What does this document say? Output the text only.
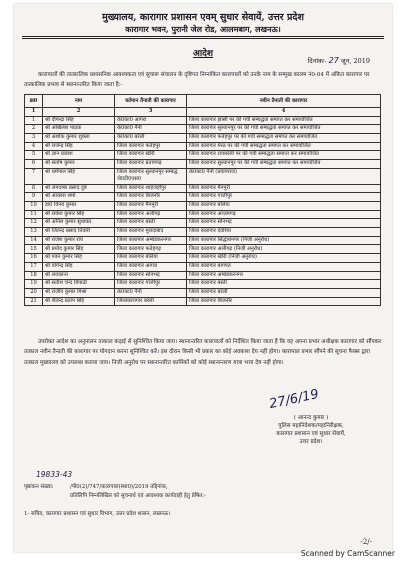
मुख्यालय, कारागार प्रशासन एवम् सुधार सेवायें, उत्तर प्रदेश
कारागार भवन, पुरानी जेल रोड, आलमबाग, लखनऊ।
आदेश
दिनांकः- 27 जून, 2019
कारापालों की तात्कालिक प्रशासनिक आवश्यकता एवं सुचारू संचालन के दृष्टिगत निम्नांकित कारापालों को उनके नाम के सम्मुख कालम नं0-04 में अंकित कारागार पर तात्कालिक प्रभाव से स्थानान्तरित किया जाता है:-
क्र0	नाम	वर्तमान तैनाती की कारागार	नवीन तैनाती की कारागार
1	2	3	4
1	श्री दीपेन्द्रा सिंह	के0का0 आगरा	जिला कारागार झांसी पर की गयी सम्बद्धता समाप्त कर समायोजित
2	श्री अखिलेश पाठक	के0का0 नैनी	जिला कारागार सुल्तानपुर पर की गयी सम्बद्धता समाप्त कर समायोजित
3	श्री अशोक कुमार शुक्ला	के0का0 बरेली	जिला कारागार फतेहपुर पर की गयी सम्बद्धता समाप्त कर समायोजित
4	श्री राजेन्द्र सिंह	जिला कारागार फतेहपुर	जिला कारागार मेरठ पर की गयी सम्बद्धता समाप्त कर समायोजित
5	श्री ज्ञान प्रकाश	जिला कारागार खीरी	जिला कारागार रायबरेली पर की गयी सम्बद्धता समाप्त कर समायोजित
6	श्री संतोष कुमार	जिला कारागार प्रतापगढ़	जिला कारागार सुल्तानपुर पर की गयी सम्बद्धता समाप्त कर समायोजित
7	श्री धर्मपाल सिंह	जिला कारागार सुल्तानपुर सम्बद्ध जे0टी0एस0	के0का0 नैनी (प्रयागराज)
8	श्री जगदम्बा प्रसाद दुबे	जिला कारागार शाहजहाँपुर	जिला कारागार मैनपुरी
9	श्री आकाश शर्मा	जिला कारागार बिजनौर	जिला कारागार गाजीपुर
10	डा0 विनय कुमार	जिला कारागार मैनपुरी	जिला कारागार बलिया
11	श्री राकेश कुमार सिंह	जिला कारागार अलीगढ़	जिला कारागार आजमगढ़
12	श्री अनिल कुमार सुधाकर	जिला कारागार बस्ती	जिला कारागार सोनभद्र
13	श्री जितेन्द्र प्रसाद तिवारी	जिला कारागार मुरादाबाद	जिला कारागार देवरिया
14	श्री राजेश कुमार राय	जिला कारागार अम्बेडकरनगर	जिला कारागार सिद्धार्थनगर (निजी अनुरोध)
15	श्री प्रमोद कुमार सिंह	जिला कारागार फतेहगढ़	जिला कारागार अलीगढ़ (निजी अनुरोध)
16	श्री पवन कुमार सिंह	जिला कारागार बलिया	जिला कारागार खीरी (निजी अनुरोध)
17	श्री योगेन्द्र सिंह	जिला कारागार आगरा	जिला कारागार बागपत
18	श्री लवकान्त	जिला कारागार सोनभद्र	जिला कारागार अम्बेडकरनगर
19	श्री सतीश चन्द त्रिपाठी	जिला कारागार गाजीपुर	जिला कारागार बस्ती
20	श्री राजीव कुमार मिश्रा	के0का0 नैनी	जिला कारागार बरेली
21	श्री शैलेन्द्र प्रताप सिंह	जिलाकारागार बरेली	जिला कारागार बिजनौर
उपरोक्त आदेश का अनुपालन तत्काल कड़ाई से सुनिश्चित किया जाय। स्थानान्तरित कारापालों को निर्देशित किया जाता है कि वह अपना प्रभार अधीक्षक कारागार को सौंपकर तत्काल नवीन तैनाती की कारागार पर योगदान करना सुनिश्चित करें। इस दौरान किसी भी प्रकार का कोई अवकाश देय नहीं होगा। कारापाल प्रभार सौंपने की सूचना फैक्स द्वारा तत्काल मुख्यालय को उपलब्ध कराया जाय। निजी अनुरोध पर स्थानान्तरित कार्मिकों को कोई स्थानान्तरण यात्रा भत्ता देय नहीं होगा।
27/6/19
( आनन्द कुमार )
पुलिस महानिदेशक/महानिरीक्षक,
कारागार प्रशासन एवं सुधार सेवायें,
उत्तर प्रदेश।
19833-43
पृष्ठांकन संख्या:	/पी0(2)/747/कारापाल(स्था0)/2019 तद्दिनांक,
प्रतिलिपि निम्नलिखित को सूचनार्थ एवं आवश्यक कार्यवाही हेतु प्रेषित:-
1- सचिव, कारागार प्रशासन एवं सुधार विभाग, उत्तर प्रदेश शासन, लखनऊ।
-2/-
Scanned by CamScanner
